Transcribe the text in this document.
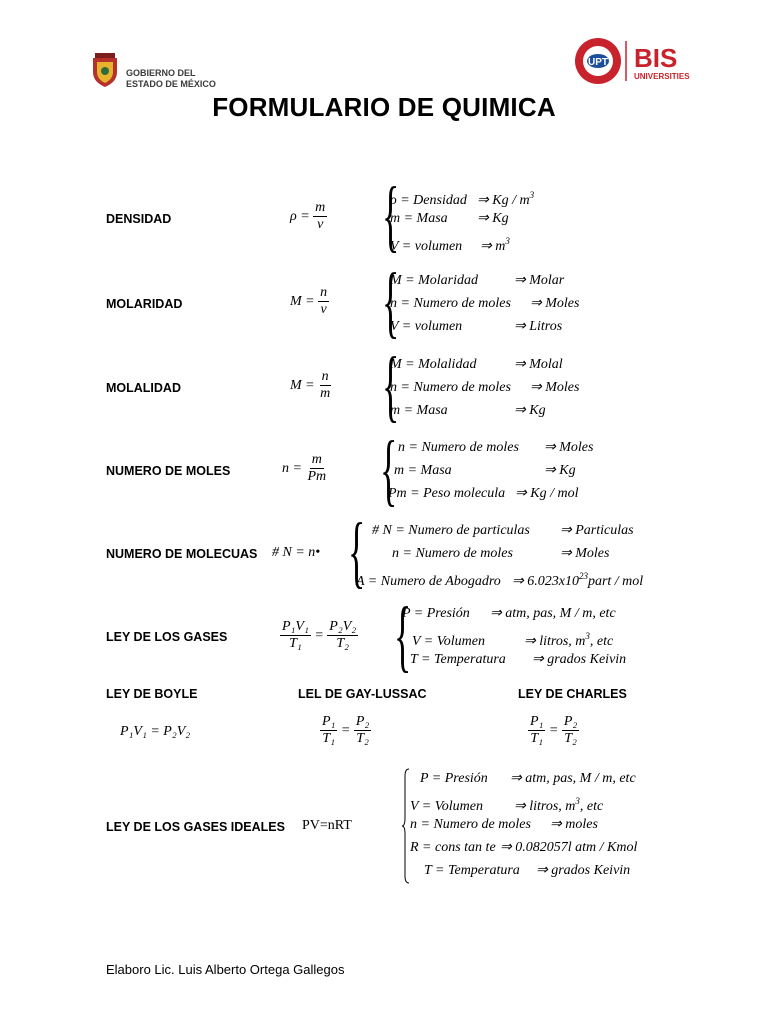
GOBIERNO DEL
ESTADO DE MÉXICO
UPT BIS
UNIVERSITIES
FORMULARIO DE QUIMICA
DENSIDAD	$\rho = \frac{m}{v}$ {
ρ = Densidad ⇒ Kg / $m^3$
m = Masa ⇒ Kg
V = volumen ⇒ $m^3$
MOLARIDAD	$M = \frac{n}{v}$ {
M = Molaridad	⇒ Molar
n = Numero de moles ⇒ Moles
V = volumen	⇒ Litros
MOLALIDAD	$M = \frac{n}{m}$ {
M = Molalidad	⇒ Molal
n = Numero de moles ⇒ Moles
m = Masa	⇒ Kg
NUMERO DE MOLES	$n = \frac{m}{Pm}$ { n = Numero de moles ⇒ Moles
m = Masa	⇒ Kg
Pm = Peso molecula ⇒ Kg / mol
NUMERO DE MOLECUAS # N = n• { # N = Numero de particulas ⇒ Particulas
n = Numero de moles	⇒ Moles
A = Numero de Abogadro ⇒ $6.023x10^{23}part$ / mol
LEY DE LOS GASES	$\frac{\text{P₁V₁}}{\text{T₁}} = \frac{\text{P₂V₂}}{\text{T₂}}$ {
P = Presión ⇒ atm, pas, M / m, etc
V = Volumen	⇒ litros, $m^3$, etc
T = Temperatura ⇒ grados Keivin
LEY DE BOYLE	LEL DE GAY-LUSSAC	LEY DE CHARLES
P₁V₁ = P₂V₂	$\frac{\text{P₁}}{\text{T₁}} = \frac{\text{P₂}}{\text{T₂}}$	$\frac{\text{P₁}}{\text{T₁}} = \frac{\text{P₂}}{\text{T₂}}$
LEY DE LOS GASES IDEALES PV=nRT
P = Presión ⇒ atm, pas, M / m, etc
V = Volumen ⇒ litros, $m^3$, etc
n = Numero de moles ⇒ moles
R = cons tan te ⇒ 0.082057l atm / Kmol
T = Temperatura ⇒ grados Keivin
Elaboro Lic. Luis Alberto Ortega Gallegos
